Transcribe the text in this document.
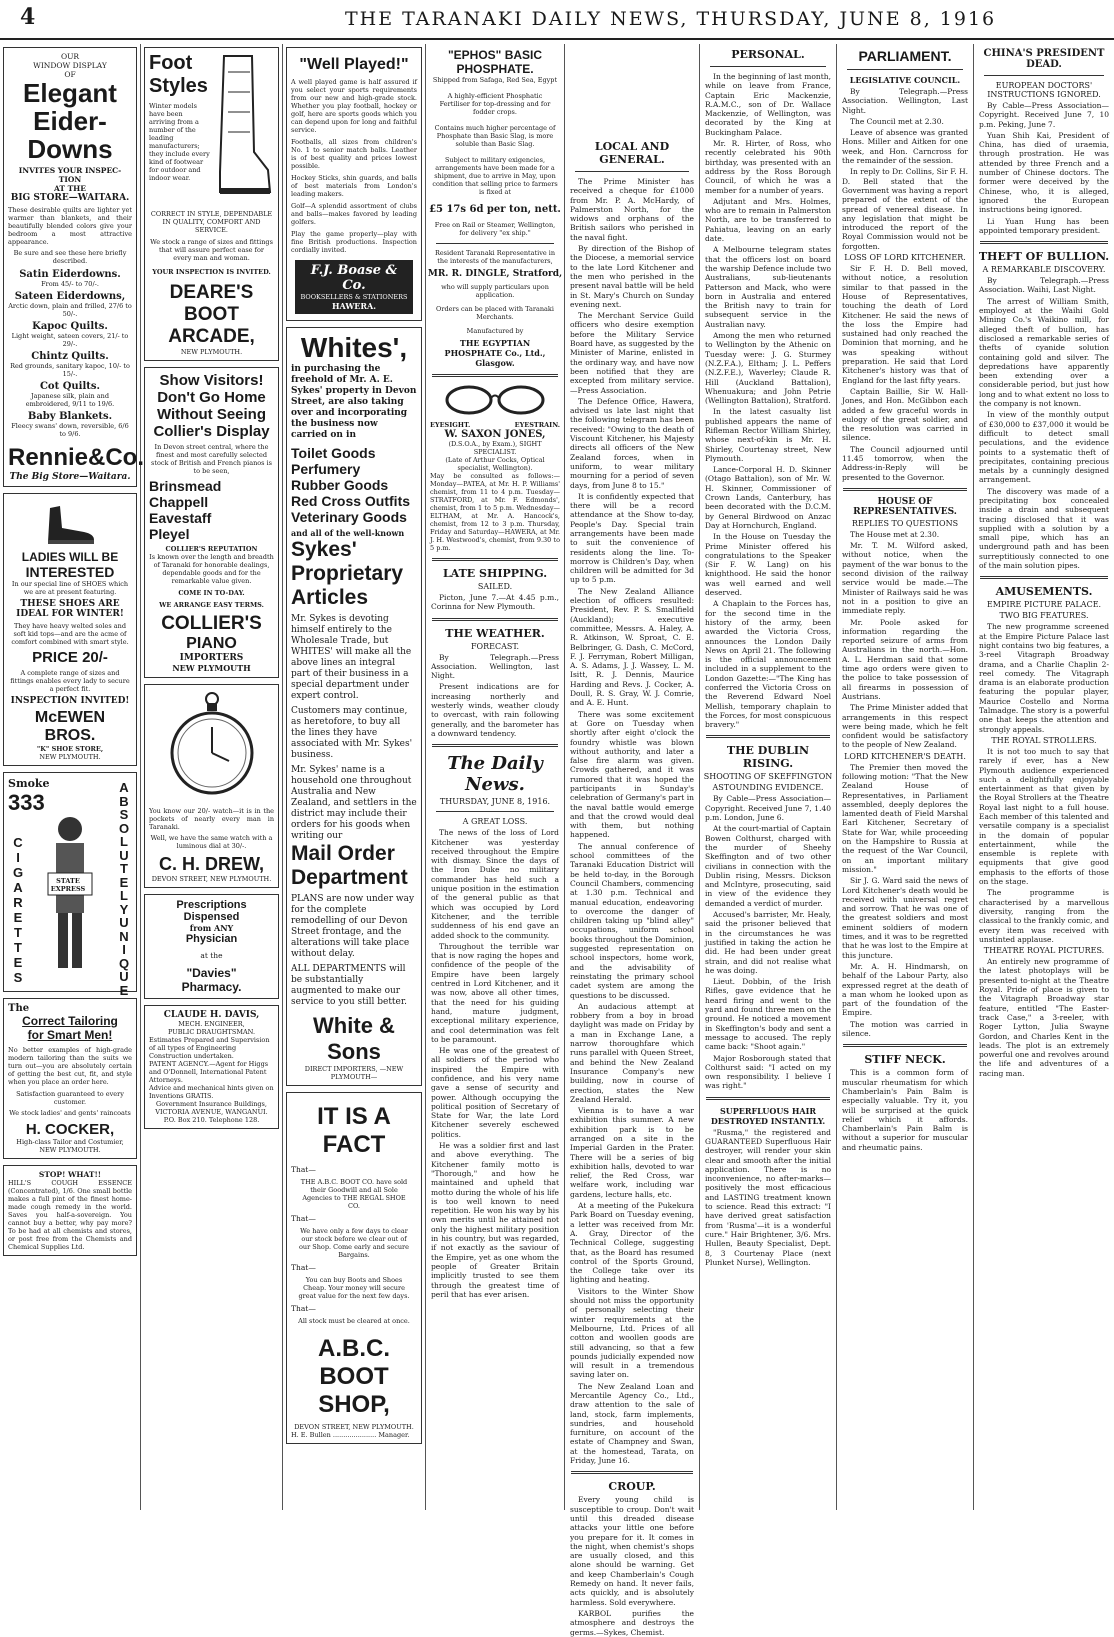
4	THE TARANAKI DAILY NEWS, THURSDAY, JUNE 8, 1916
OUR
WINDOW DISPLAY
OF
Elegant
Eider-
Downs
INVITES YOUR INSPEC- TION
AT THE
BIG STORE—WAITARA.
These desirable quilts are lighter yet warmer than blankets, and their beautifully blended colors give your bedroom a most attractive appearance.
Be sure and see these here briefly described.
Satin Eiderdowns.
From 45/- to 70/-.
Sateen Eiderdowns,
Arctic down, plain and frilled, 27/6 to 50/-.
Kapoc Quilts.
Light weight, sateen covers, 21/- to 29/-.
Chintz Quilts.
Red grounds, sanitary kapoc, 10/- to 15/-.
Cot Quilts.
Japanese silk, plain and embroidered, 9/11 to 19/6.
Baby Blankets.
Fleecy swans' down, reversible, 6/6 to 9/6.
Rennie&Co.
The Big Store—Waitara.
LADIES WILL BE
INTERESTED
In our special line of SHOES which we are at present featuring.
THESE SHOES ARE IDEAL FOR WINTER!
They have heavy welted soles and soft kid tops—and are the acme of comfort combined with smart style.
PRICE 20/-
A complete range of sizes and fittings enables every lady to secure a perfect fit.
INSPECTION INVITED!
McEWEN BROS.
"K" SHOE STORE,
NEW PLYMOUTH.
Smoke
333
CIGARETTES
ABSOLUTELY UNIQUE
STATE EXPRESS
The
Correct Tailoring
for Smart Men!
No better examples of high-grade modern tailoring than the suits we turn out—you are absolutely certain of getting the best cut, fit, and style when you place an order here.
Satisfaction guaranteed to every customer.
We stock ladies' and gents' raincoats
H. COCKER,
High-class Tailor and Costumier, NEW PLYMOUTH.
STOP! WHAT!!
HILL'S COUGH ESSENCE (Concentrated), 1/6. One small bottle makes a full pint of the finest home-made cough remedy in the world. Saves you half-a-sovereign. You cannot buy a better, why pay more? To be had at all chemists and stores, or post free from the Chemists and Chemical Supplies Ltd.
Foot
Styles
Winter models have been arriving from a number of the leading manufacturers; they include every kind of footwear for outdoor and indoor wear.
CORRECT IN STYLE, DEPENDABLE IN QUALITY, COMFORT AND SERVICE.
We stock a range of sizes and fittings that will assure perfect ease for every man and woman.
YOUR INSPECTION IS INVITED.
DEARE'S
BOOT
ARCADE,
NEW PLYMOUTH.
Show Visitors!
Don't Go Home
Without Seeing
Collier's Display
In Devon street central, where the finest and most carefully selected stock of British and French pianos is to be seen,
Brinsmead
Chappell
Eavestaff
Pleyel
COLLIER'S REPUTATION
Is known over the length and breadth of Taranaki for honorable dealings, dependable goods and for the remarkable value given.
COME IN TO-DAY.
WE ARRANGE EASY TERMS.
COLLIER'S
PIANO
IMPORTERS
NEW PLYMOUTH
You know our 20/- watch—it is in the pockets of nearly every man in Taranaki.
Well, we have the same watch with a luminous dial at 30/-.
C. H. DREW,
DEVON STREET, NEW PLYMOUTH.
Prescriptions
Dispensed
from ANY
Physician
at the
"Davies"
Pharmacy.
CLAUDE H. DAVIS,
MECH. ENGINEER,
PUBLIC DRAUGHTSMAN.
Estimates Prepared and Supervision of all types of Engineering Construction undertaken.
PATENT AGENCY.—Agent for Higgs and O'Donnell, International Patent Attorneys.
Advice and mechanical hints given on Inventions GRATIS.
Government Insurance Buildings, VICTORIA AVENUE, WANGANUI. P.O. Box 210. Telephone 128.
"Well Played!"
A well played game is half assured if you select your sports requirements from our new and high-grade stock. Whether you play football, hockey or golf, here are sports goods which you can depend upon for long and faithful service.
Footballs, all sizes from children's No. 1 to senior match balls. Leather is of best quality and prices lowest possible.
Hockey Sticks, shin guards, and balls of best materials from London's leading makers.
Golf—A splendid assortment of clubs and balls—makes favored by leading golfers.
Play the game properly—play with fine British productions. Inspection cordially invited.
F.J. Boase & Co.
BOOKSELLERS & STATIONERS
HAWERA.
Whites',
in purchasing the freehold of Mr. A. E. Sykes' property in Devon Street, are also taking over and incorporating the business now carried on in
Toilet Goods
Perfumery
Rubber Goods
Red Cross Outfits
Veterinary Goods
and all of the well-known
Sykes'
Proprietary
Articles
Mr. Sykes is devoting himself entirely to the Wholesale Trade, but WHITES' will make all the above lines an integral part of their business in a special department under expert control.
Customers may continue, as heretofore, to buy all the lines they have associated with Mr. Sykes' business.
Mr. Sykes' name is a household one throughout Australia and New Zealand, and settlers in the district may include their orders for his goods when writing our
Mail Order
Department
PLANS are now under way for the complete remodelling of our Devon Street frontage, and the alterations will take place without delay.
ALL DEPARTMENTS will be substantially augmented to make our service to you still better.
White & Sons
DIRECT IMPORTERS, —NEW PLYMOUTH—
IT IS A FACT
That—
THE A.B.C. BOOT CO. have sold their Goodwill and all Sole Agencies to THE REGAL SHOE CO.
That—
We have only a few days to clear our stock before we clear out of our Shop. Come early and secure Bargains.
That—
You can buy Boots and Shoes Cheap. Your money will secure great value for the next few days.
That—
All stock must be cleared at once.
A.B.C. BOOT
SHOP,
DEVON STREET, NEW PLYMOUTH.
H. E. Bullen ..................... Manager.
"EPHOS" BASIC
PHOSPHATE.
Shipped from Safaga, Red Sea, Egypt
A highly-efficient Phosphatic Fertiliser for top-dressing and for fodder crops.
Contains much higher percentage of Phosphate than Basic Slag, is more soluble than Basic Slag.
Subject to military exigencies, arrangements have been made for a shipment, due to arrive in May, upon condition that selling price to farmers is fixed at
£5 17s 6d per ton, nett.
Free on Rail or Steamer, Wellington, for delivery "ex ship."
Resident Taranaki Representative in the interests of the manufacturers,
MR. R. DINGLE, Stratford,
who will supply particulars upon application.
Orders can be placed with Taranaki Merchants.
Manufactured by
THE EGYPTIAN PHOSPHATE Co., Ltd., Glasgow.
EYESIGHT.	EYESTRAIN.
W. SAXON JONES,
(D.S.O.A., by Exam.), SIGHT SPECIALIST.
(Late of Arthur Cocks, Optical specialist, Wellington).
May be consulted as follows:— Monday—PATEA, at Mr. H. P. Williams' chemist, from 11 to 4 p.m. Tuesday—STRATFORD, at Mr. F. Edmonds', chemist, from 1 to 5 p.m. Wednesday—ELTHAM, at Mr. A. Hancock's, chemist, from 12 to 3 p.m. Thursday, Friday and Saturday—HAWERA, at Mr. J. H. Westwood's, chemist, from 9.30 to 5 p.m.
LATE SHIPPING.
SAILED.

Picton, June 7.—At 4.45 p.m., Corinna for New Plymouth.

THE WEATHER.
FORECAST.

By Telegraph.—Press Association. Wellington, last Night.

Present indications are for increasing northerly and westerly winds, weather cloudy to overcast, with rain following generally, and the barometer has a downward tendency.

The Daily News.
THURSDAY, JUNE 8, 1916.
A GREAT LOSS.

The news of the loss of Lord Kitchener was yesterday received throughout the Empire with dismay. Since the days of the Iron Duke no military commander has held such a unique position in the estimation of the general public as that which was occupied by Lord Kitchener, and the terrible suddenness of his end gave an added shock to the community.

Throughout the terrible war that is now raging the hopes and confidence of the people of the Empire have been largely centred in Lord Kitchener, and it was now, above all other times, that the need for his guiding hand, mature judgment, exceptional military experience, and cool determination was felt to be paramount.

He was one of the greatest of all soldiers of the period who inspired the Empire with confidence, and his very name gave a sense of security and power. Although occupying the political position of Secretary of State for War, the late Lord Kitchener severely eschewed politics.

He was a soldier first and last and above everything. The Kitchener family motto is "Thorough," and how he maintained and upheld that motto during the whole of his life is too well known to need repetition. He won his way by his own merits until he attained not only the highest military position in his country, but was regarded, if not exactly as the saviour of the Empire, yet as one whom the people of Greater Britain implicitly trusted to see them through the greatest time of peril that has ever arisen.

LOCAL AND GENERAL.

The Prime Minister has received a cheque for £1000 from Mr. P. A. McHardy, of Palmerston North, for the widows and orphans of the British sailors who perished in the naval fight.

By direction of the Bishop of the Diocese, a memorial service to the late Lord Kitchener and the men who perished in the present naval battle will be held in St. Mary's Church on Sunday evening next.

The Merchant Service Guild officers who desire exemption before the Military Service Board have, as suggested by the Minister of Marine, enlisted in the ordinary way, and have now been notified that they are excepted from military service.—Press Association.

The Defence Office, Hawera, advised us late last night that the following telegram has been received: "Owing to the death of Viscount Kitchener, his Majesty directs all officers of the New Zealand forces, when in uniform, to wear military mourning for a period of seven days, from June 8 to 15."

It is confidently expected that there will be a record attendance at the Show to-day, People's Day. Special train arrangements have been made to suit the convenience of residents along the line. To-morrow is Children's Day, when children will be admitted for 3d up to 5 p.m.

The New Zealand Alliance election of officers resulted: President, Rev. P. S. Smallfield (Auckland); executive committee, Messrs. A. Haley, A. R. Atkinson, W. Sproat, C. E. Belbringer, G. Dash, C. McCord, F. J. Ferryman, Robert Milligan, A. S. Adams, J. J. Wassey, L. M. Isitt, R. J. Dennis, Maurice Harding and Revs. J. Cocker, A. Doull, R. S. Gray, W. J. Comrie, and A. E. Hunt.

There was some excitement at Gore on Tuesday when shortly after eight o'clock the foundry whistle was blown without authority, and later a false fire alarm was given. Crowds gathered, and it was rumored that it was hoped the participants in Sunday's celebration of Germany's part in the naval battle would emerge and that the crowd would deal with them, but nothing happened.

The annual conference of school committees of the Taranaki Education District will be held to-day, in the Borough Council Chambers, commencing at 1.30 p.m. Technical and manual education, endeavoring to overcome the danger of children taking up "blind alley" occupations, uniform school books throughout the Dominion, suggested representation on school inspectors, home work, and the advisability of reinstating the primary school cadet system are among the questions to be discussed.

An audacious attempt at robbery from a boy in broad daylight was made on Friday by a man in Exchange Lane, a narrow thoroughfare which runs parallel with Queen Street, and behind the New Zealand Insurance Company's new building, now in course of erection, states the New Zealand Herald.

Vienna is to have a war exhibition this summer. A new exhibition park is to be arranged on a site in the Imperial Garden in the Prater. There will be a series of big exhibition halls, devoted to war relief, the Red Cross, war welfare work, including war gardens, lecture halls, etc.

At a meeting of the Pukekura Park Board on Tuesday evening, a letter was received from Mr. A. Gray, Director of the Technical College, suggesting that, as the Board has resumed control of the Sports Ground, the College take over its lighting and heating.

Visitors to the Winter Show should not miss the opportunity of personally selecting their winter requirements at the Melbourne, Ltd. Prices of all cotton and woollen goods are still advancing, so that a few pounds judicially expended now will result in a tremendous saving later on.

The New Zealand Loan and Mercantile Agency Co., Ltd., draw attention to the sale of land, stock, farm implements, sundries, and household furniture, on account of the estate of Champney and Swan, at the homestead, Tarata, on Friday, June 16.

CROUP.

Every young child is susceptible to croup. Don't wait until this dreaded disease attacks your little one before you prepare for it. It comes in the night, when chemist's shops are usually closed, and this alone should be warning. Get and keep Chamberlain's Cough Remedy on hand. It never fails, acts quickly, and is absolutely harmless. Sold everywhere.

KARBOL purifies the atmosphere and destroys the germs.—Sykes, Chemist.

PERSONAL.

In the beginning of last month, while on leave from France, Captain Eric Mackenzie, R.A.M.C., son of Dr. Wallace Mackenzie, of Wellington, was decorated by the King at Buckingham Palace.

Mr. R. Hirter, of Ross, who recently celebrated his 90th birthday, was presented with an address by the Ross Borough Council, of which he was a member for a number of years.

Adjutant and Mrs. Holmes, who are to remain in Palmerston North, are to be transferred to Pahiatua, leaving on an early date.

A Melbourne telegram states that the officers lost on board the warship Defence include two Australians, sub-lieutenants Patterson and Mack, who were born in Australia and entered the British navy to train for subsequent service in the Australian navy.

Among the men who returned to Wellington by the Athenic on Tuesday were: J. G. Sturmey (N.Z.F.A.), Eltham; J. L. Peffers (N.Z.F.E.), Waverley; Claude R. Hill (Auckland Battalion), Whenuakura; and John Petrie (Wellington Battalion), Stratford.

In the latest casualty list published appears the name of Rifleman Rector William Shirley, whose next-of-kin is Mr. H. Shirley, Courtenay street, New Plymouth.

Lance-Corporal H. D. Skinner (Otago Battalion), son of Mr. W. H. Skinner, Commissioner of Crown Lands, Canterbury, has been decorated with the D.C.M. by General Birdwood on Anzac Day at Hornchurch, England.

In the House on Tuesday the Prime Minister offered his congratulations to the Speaker (Sir F. W. Lang) on his knighthood. He said the honor was well earned and well deserved.

A Chaplain to the Forces has, for the second time in the history of the army, been awarded the Victoria Cross, announces the London Daily News on April 21. The following is the official announcement included in a supplement to the London Gazette:—"The King has conferred the Victoria Cross on the Reverend Edward Noel Mellish, temporary chaplain to the Forces, for most conspicuous bravery."

THE DUBLIN RISING.
SHOOTING OF SKEFFINGTON
ASTOUNDING EVIDENCE.

By Cable—Press Association—Copyright. Received June 7, 1.40 p.m. London, June 6.

At the court-martial of Captain Bowen Colthurst, charged with the murder of Sheehy Skeffington and of two other civilians in connection with the Dublin rising, Messrs. Dickson and McIntyre, prosecuting, said in view of the evidence they demanded a verdict of murder.

Accused's barrister, Mr. Healy, said the prisoner believed that in the circumstances he was justified in taking the action he did. He had been under great strain, and did not realise what he was doing.

Lieut. Dobbin, of the Irish Rifles, gave evidence that he heard firing and went to the yard and found three men on the ground. He noticed a movement in Skeffington's body and sent a message to accused. The reply came back: "Shoot again."

Major Rosborough stated that Colthurst said: "I acted on my own responsibility. I believe I was right."

SUPERFLUOUS HAIR DESTROYED INSTANTLY.

"Rusma," the registered and GUARANTEED Superfluous Hair destroyer, will render your skin clear and smooth after the initial application. There is no inconvenience, no after-marks—positively the most efficacious and LASTING treatment known to science. Read this extract: "I have derived great satisfaction from 'Rusma'—it is a wonderful cure." Hair Brightener, 3/6. Mrs. Hullen, Beauty Specialist, Dept. 8, 3 Courtenay Place (next Plunket Nurse), Wellington.

PARLIAMENT.
LEGISLATIVE COUNCIL.

By Telegraph.—Press Association. Wellington, Last Night.

The Council met at 2.30.

Leave of absence was granted Hons. Miller and Aitken for one week, and Hon. Carncross for the remainder of the session.

In reply to Dr. Collins, Sir F. H. D. Bell stated that the Government was having a report prepared of the extent of the spread of venereal disease. In any legislation that might be introduced the report of the Royal Commission would not be forgotten.

LOSS OF LORD KITCHENER.

Sir F. H. D. Bell moved, without notice, a resolution similar to that passed in the House of Representatives, touching the death of Lord Kitchener. He said the news of the loss the Empire had sustained had only reached the Dominion that morning, and he was speaking without preparation. He said that Lord Kitchener's history was that of England for the last fifty years.

Captain Baillie, Sir W. Hall-Jones, and Hon. McGibbon each added a few graceful words in eulogy of the great soldier, and the resolution was carried in silence.

The Council adjourned until 11.45 tomorrow, when the Address-in-Reply will be presented to the Governor.

HOUSE OF REPRESENTATIVES.
REPLIES TO QUESTIONS

The House met at 2.30.

Mr. T. M. Wilford asked, without notice, when the payment of the war bonus to the second division of the railway service would be made.—The Minister of Railways said he was not in a position to give an immediate reply.

Mr. Poole asked for information regarding the reported seizure of arms from Australians in the north.—Hon. A. L. Herdman said that some time ago orders were given to the police to take possession of all firearms in possession of Austrians.

The Prime Minister added that arrangements in this respect were being made, which he felt confident would be satisfactory to the people of New Zealand.

LORD KITCHENER'S DEATH.

The Premier then moved the following motion: "That the New Zealand House of Representatives, in Parliament assembled, deeply deplores the lamented death of Field Marshal Earl Kitchener, Secretary of State for War, while proceeding on the Hampshire to Russia at the request of the War Council, on an important military mission."

Sir J. G. Ward said the news of Lord Kitchener's death would be received with universal regret and sorrow. That he was one of the greatest soldiers and most eminent soldiers of modern times, and it was to be regretted that he was lost to the Empire at this juncture.

Mr. A. H. Hindmarsh, on behalf of the Labour Party, also expressed regret at the death of a man whom he looked upon as part of the foundation of the Empire.

The motion was carried in silence.

STIFF NECK.

This is a common form of muscular rheumatism for which Chamberlain's Pain Balm is especially valuable. Try it, you will be surprised at the quick relief which it affords. Chamberlain's Pain Balm is without a superior for muscular and rheumatic pains.

CHINA'S PRESIDENT DEAD.
EUROPEAN DOCTORS' INSTRUCTIONS IGNORED.

By Cable—Press Association—Copyright. Received June 7, 10 p.m. Peking, June 7.

Yuan Shih Kai, President of China, has died of uraemia, through prostration. He was attended by three French and a number of Chinese doctors. The former were deceived by the Chinese, who, it is alleged, ignored the European instructions being ignored.

Li Yuan Hung has been appointed temporary president.

THEFT OF BULLION.
A REMARKABLE DISCOVERY.

By Telegraph.—Press Association. Waihi, Last Night.

The arrest of William Smith, employed at the Waihi Gold Mining Co.'s Waikino mill, for alleged theft of bullion, has disclosed a remarkable series of thefts of cyanide solution containing gold and silver. The depredations have apparently been extending over a considerable period, but just how long and to what extent no loss to the company is not known.

In view of the monthly output of £30,000 to £37,000 it would be difficult to detect small peculations, and the evidence points to a systematic theft of precipitates, containing precious metals by a cunningly designed arrangement.

The discovery was made of a precipitating box concealed inside a drain and subsequent tracing disclosed that it was supplied with a solution by a small pipe, which has an underground path and has been surreptitiously connected to one of the main solution pipes.

AMUSEMENTS.
EMPIRE PICTURE PALACE.
TWO BIG FEATURES.

The new programme screened at the Empire Picture Palace last night contains two big features, a 3-reel Vitagraph Broadway drama, and a Charlie Chaplin 2-reel comedy. The Vitagraph drama is an elaborate production featuring the popular player, Maurice Costello and Norma Talmadge. The story is a powerful one that keeps the attention and strongly appeals.

THE ROYAL STROLLERS.

It is not too much to say that rarely if ever, has a New Plymouth audience experienced such a delightfully enjoyable entertainment as that given by the Royal Strollers at the Theatre Royal last night to a full house. Each member of this talented and versatile company is a specialist in the domain of popular entertainment, while the ensemble is replete with equipments that give good emphasis to the efforts of those on the stage.

The programme is characterised by a marvellous diversity, ranging from the classical to the frankly comic, and every item was received with unstinted applause.

THEATRE ROYAL PICTURES.

An entirely new programme of the latest photoplays will be presented to-night at the Theatre Royal. Pride of place is given to the Vitagraph Broadway star feature, entitled "The Easter-track Case," a 3-reeler, with Roger Lytton, Julia Swayne Gordon, and Charles Kent in the leads. The plot is an extremely powerful one and revolves around the life and adventures of a racing man.
